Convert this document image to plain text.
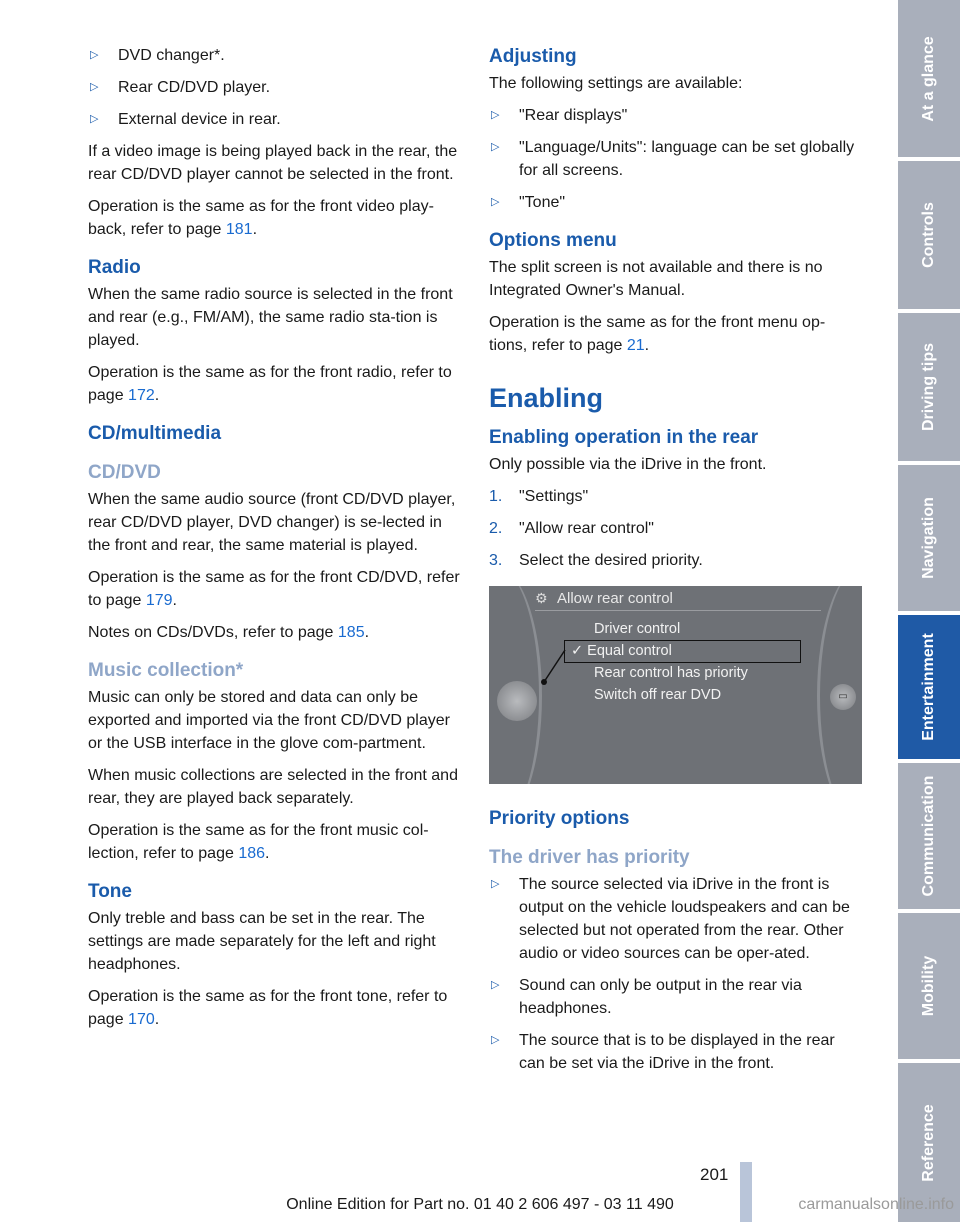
▷ DVD changer*.
▷ Rear CD/DVD player.
▷ External device in rear.

If a video image is being played back in the rear, the rear CD/DVD player cannot be selected in the front.

Operation is the same as for the front video play-back, refer to page 181.

Radio

When the same radio source is selected in the front and rear (e.g., FM/AM), the same radio sta-tion is played.

Operation is the same as for the front radio, refer to page 172.

CD/multimedia
CD/DVD

When the same audio source (front CD/DVD player, rear CD/DVD player, DVD changer) is se-lected in the front and rear, the same material is played.

Operation is the same as for the front CD/DVD, refer to page 179.

Notes on CDs/DVDs, refer to page 185.

Music collection*

Music can only be stored and data can only be exported and imported via the front CD/DVD player or the USB interface in the glove com-partment.

When music collections are selected in the front and rear, they are played back separately.

Operation is the same as for the front music col-lection, refer to page 186.

Tone

Only treble and bass can be set in the rear. The settings are made separately for the left and right headphones.

Operation is the same as for the front tone, refer to page 170.

Adjusting

The following settings are available:

▷ "Rear displays"
▷ "Language/Units": language can be set globally for all screens.
▷ "Tone"
Options menu

The split screen is not available and there is no Integrated Owner's Manual.

Operation is the same as for the front menu op-tions, refer to page 21.

Enabling
Enabling operation in the rear

Only possible via the iDrive in the front.

1. "Settings"
2. "Allow rear control"
3. Select the desired priority.
⚙ Allow rear control
Driver control
✓ Equal control
Rear control has priority
Switch off rear DVD	▭
Priority options
The driver has priority
▷ The source selected via iDrive in the front is output on the vehicle loudspeakers and can be selected but not operated from the rear. Other audio or video sources can be oper-ated.
▷ Sound can only be output in the rear via headphones.
▷ The source that is to be displayed in the rear can be set via the iDrive in the front.
At a glance
Controls
Driving tips
Navigation
Entertainment
Communication
Mobility
Reference
201
Online Edition for Part no. 01 40 2 606 497 - 03 11 490	carmanualsonline.info
